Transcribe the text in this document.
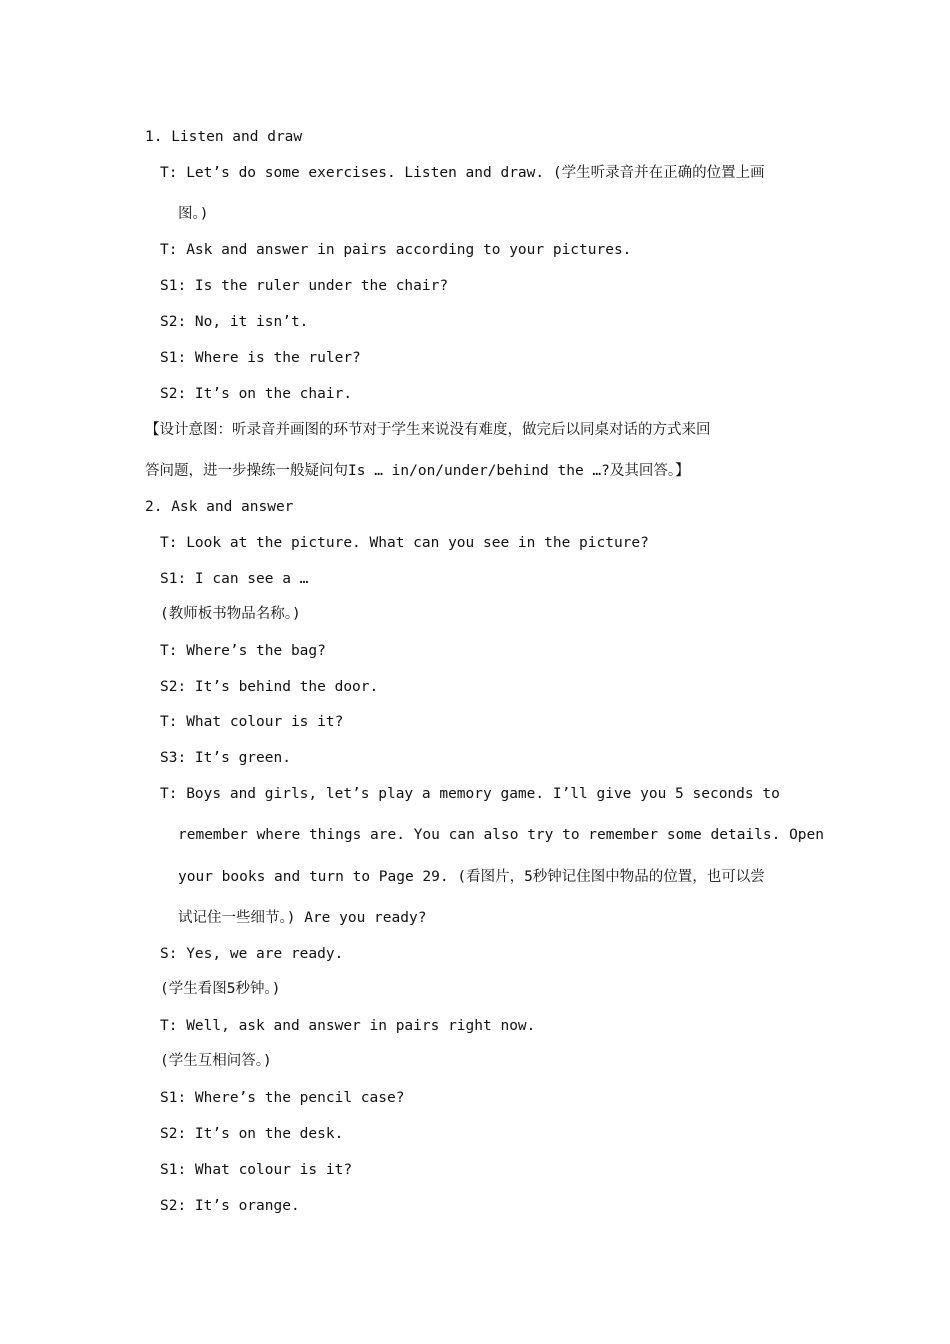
1. Listen and draw
T: Let’s do some exercises. Listen and draw. (学生听录音并在正确的位置上画
图。)
T: Ask and answer in pairs according to your pictures.
S1: Is the ruler under the chair?
S2: No, it isn’t.
S1: Where is the ruler?
S2: It’s on the chair.
【设计意图：听录音并画图的环节对于学生来说没有难度，做完后以同桌对话的方式来回
答问题，进一步操练一般疑问句Is … in/on/under/behind the …?及其回答。】
2. Ask and answer
T: Look at the picture. What can you see in the picture?
S1: I can see a …
(教师板书物品名称。)
T: Where’s the bag?
S2: It’s behind the door.
T: What colour is it?
S3: It’s green.
T: Boys and girls, let’s play a memory game. I’ll give you 5 seconds to
remember where things are. You can also try to remember some details. Open
your books and turn to Page 29. (看图片，5秒钟记住图中物品的位置，也可以尝
试记住一些细节。) Are you ready?
S: Yes, we are ready.
(学生看图5秒钟。)
T: Well, ask and answer in pairs right now.
(学生互相问答。)
S1: Where’s the pencil case?
S2: It’s on the desk.
S1: What colour is it?
S2: It’s orange.
